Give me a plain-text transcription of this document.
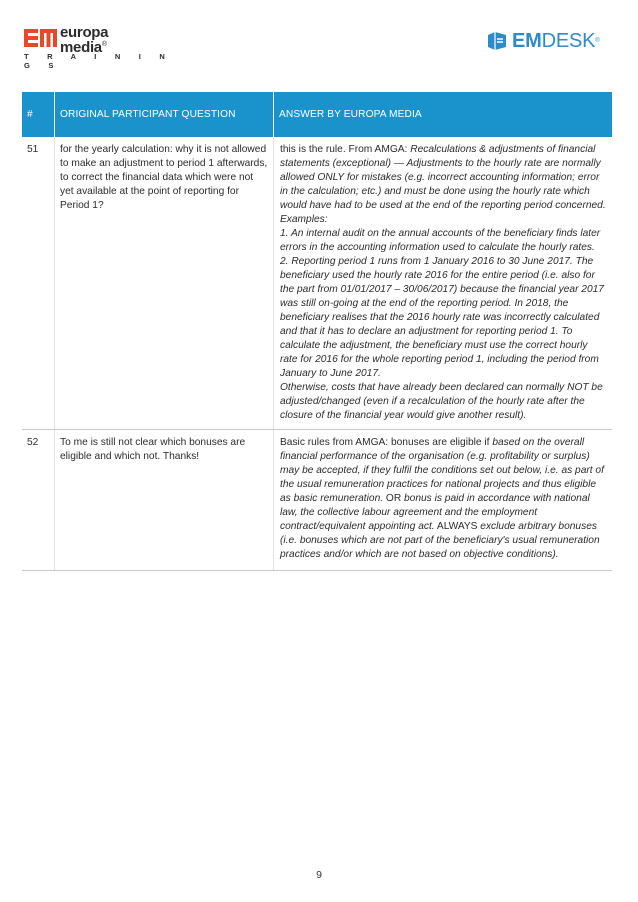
europa
media®
T R A I N I N G S
EMDESK®
#	ORIGINAL PARTICIPANT QUESTION	ANSWER BY EUROPA MEDIA
51	for the yearly calculation: why it is not allowed to make an adjustment to period 1 afterwards, to correct the financial data which were not yet available at the point of reporting for Period 1?	this is the rule. From AMGA: Recalculations & adjustments of financial statements (exceptional) — Adjustments to the hourly rate are normally allowed ONLY for mistakes (e.g. incorrect accounting information; error in the calculation; etc.) and must be done using the hourly rate which would have had to be used at the end of the reporting period concerned.
Examples:
1. An internal audit on the annual accounts of the beneficiary finds later errors in the accounting information used to calculate the hourly rates.
2. Reporting period 1 runs from 1 January 2016 to 30 June 2017. The beneficiary used the hourly rate 2016 for the entire period (i.e. also for the part from 01/01/2017 – 30/06/2017) because the financial year 2017 was still on-going at the end of the reporting period. In 2018, the beneficiary realises that the 2016 hourly rate was incorrectly calculated and that it has to declare an adjustment for reporting period 1. To calculate the adjustment, the beneficiary must use the correct hourly rate for 2016 for the whole reporting period 1, including the period from January to June 2017.
Otherwise, costs that have already been declared can normally NOT be adjusted/changed (even if a recalculation of the hourly rate after the closure of the financial year would give another result).
52	To me is still not clear which bonuses are eligible and which not. Thanks!	Basic rules from AMGA: bonuses are eligible if based on the overall financial performance of the organisation (e.g. profitability or surplus) may be accepted, if they fulfil the conditions set out below, i.e. as part of the usual remuneration practices for national projects and thus eligible as basic remuneration. OR bonus is paid in accordance with national law, the collective labour agreement and the employment contract/equivalent appointing act. ALWAYS exclude arbitrary bonuses (i.e. bonuses which are not part of the beneficiary's usual remuneration practices and/or which are not based on objective conditions).
9
